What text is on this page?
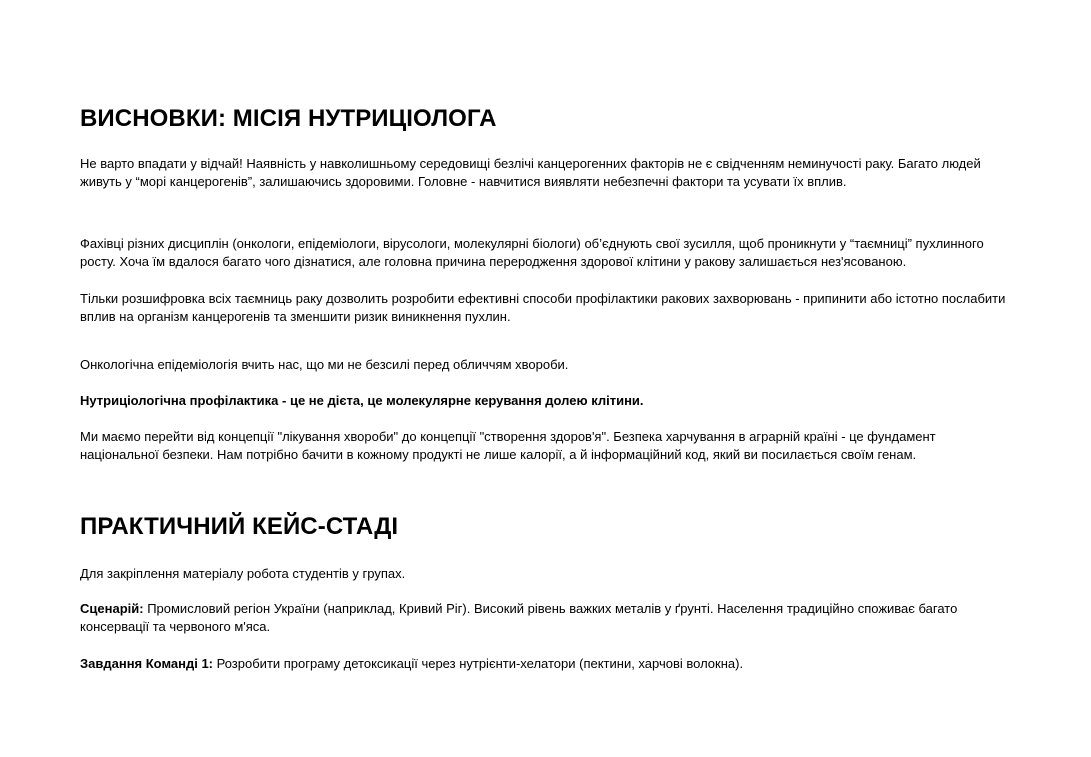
ВИСНОВКИ: МІСІЯ НУТРИЦІОЛОГА

Не варто впадати у відчай! Наявність у навколишньому середовищі безлічі канцерогенних факторів не є свідченням неминучості раку. Багато людей живуть у “морі канцерогенів”, залишаючись здоровими. Головне - навчитися виявляти небезпечні фактори та усувати їх вплив.

Фахівці різних дисциплін (онкологи, епідеміологи, вірусологи, молекулярні біологи) об’єднують свої зусилля, щоб проникнути у “таємниці” пухлинного росту. Хоча їм вдалося багато чого дізнатися, але головна причина переродження здорової клітини у ракову залишається нез'ясованою.

Тільки розшифровка всіх таємниць раку дозволить розробити ефективні способи профілактики ракових захворювань - припинити або істотно послабити вплив на організм канцерогенів та зменшити ризик виникнення пухлин.

Онкологічна епідеміологія вчить нас, що ми не безсилі перед обличчям хвороби.

Нутриціологічна профілактика - це не дієта, це молекулярне керування долею клітини.

Ми маємо перейти від концепції "лікування хвороби" до концепції "створення здоров'я". Безпека харчування в аграрній країні - це фундамент національної безпеки. Нам потрібно бачити в кожному продукті не лише калорії, а й інформаційний код, який ви посилається своїм генам.

ПРАКТИЧНИЙ КЕЙС-СТАДІ

Для закріплення матеріалу робота студентів у групах.

Сценарій: Промисловий регіон України (наприклад, Кривий Ріг). Високий рівень важких металів у ґрунті. Населення традиційно споживає багато консервації та червоного м'яса.

Завдання Команді 1: Розробити програму детоксикації через нутрієнти-хелатори (пектини, харчові волокна).
